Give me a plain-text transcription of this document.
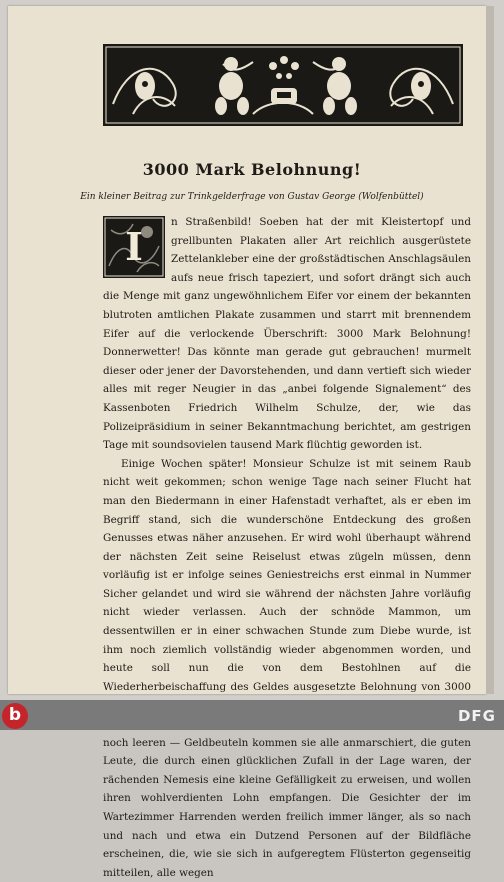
3000 Mark Belohnung!
Ein kleiner Beitrag zur Trinkgelderfrage von Gustav George (Wolfenbüttel)

I
n Straßenbild! Soeben hat der mit Kleistertopf und grellbunten Plakaten aller Art reichlich ausgerüstete Zettelankleber eine der großstädtischen Anschlagsäulen aufs neue frisch tapeziert, und sofort drängt sich auch die Menge mit ganz ungewöhnlichem Eifer vor einem der bekannten blutroten amtlichen Plakate zusammen und starrt mit brennendem Eifer auf die verlockende Überschrift: 3000 Mark Belohnung! Donnerwetter! Das könnte man gerade gut gebrauchen! murmelt dieser oder jener der Davorstehenden, und dann vertieft sich wieder alles mit reger Neugier in das „anbei folgende Signalement“ des Kassenboten Friedrich Wilhelm Schulze, der, wie das Polizeipräsidium in seiner Bekanntmachung berichtet, am gestrigen Tage mit soundsovielen tausend Mark flüchtig geworden ist.

Einige Wochen später! Monsieur Schulze ist mit seinem Raub nicht weit gekommen; schon wenige Tage nach seiner Flucht hat man den Biedermann in einer Hafenstadt verhaftet, als er eben im Begriff stand, sich die wunderschöne Entdeckung des großen Genusses etwas näher anzusehen. Er wird wohl überhaupt während der nächsten Zeit seine Reiselust etwas zügeln müssen, denn vorläufig ist er infolge seines Geniestreichs erst einmal in Nummer Sicher gelandet und wird sie während der nächsten Jahre vorläufig nicht wieder verlassen. Auch der schnöde Mammon, um dessentwillen er in einer schwachen Stunde zum Diebe wurde, ist ihm noch ziemlich vollständig wieder abgenommen worden, und heute soll nun die von dem Bestohlnen auf die Wiederherbeischaffung des Geldes ausgesetzte Belohnung von 3000

noch leeren — Geldbeuteln kommen sie alle anmarschiert, die guten Leute, die durch einen glücklichen Zufall in der Lage waren, der rächenden Nemesis eine kleine Gefälligkeit zu erweisen, und wollen ihren wohlverdienten Lohn empfangen. Die Gesichter der im Wartezimmer Harrenden werden freilich immer länger, als so nach und nach und etwa ein Dutzend Personen auf der Bildfläche erscheinen, die, wie sie sich in aufgeregtem Flüsterton gegenseitig mitteilen, alle wegen

b	DFG
